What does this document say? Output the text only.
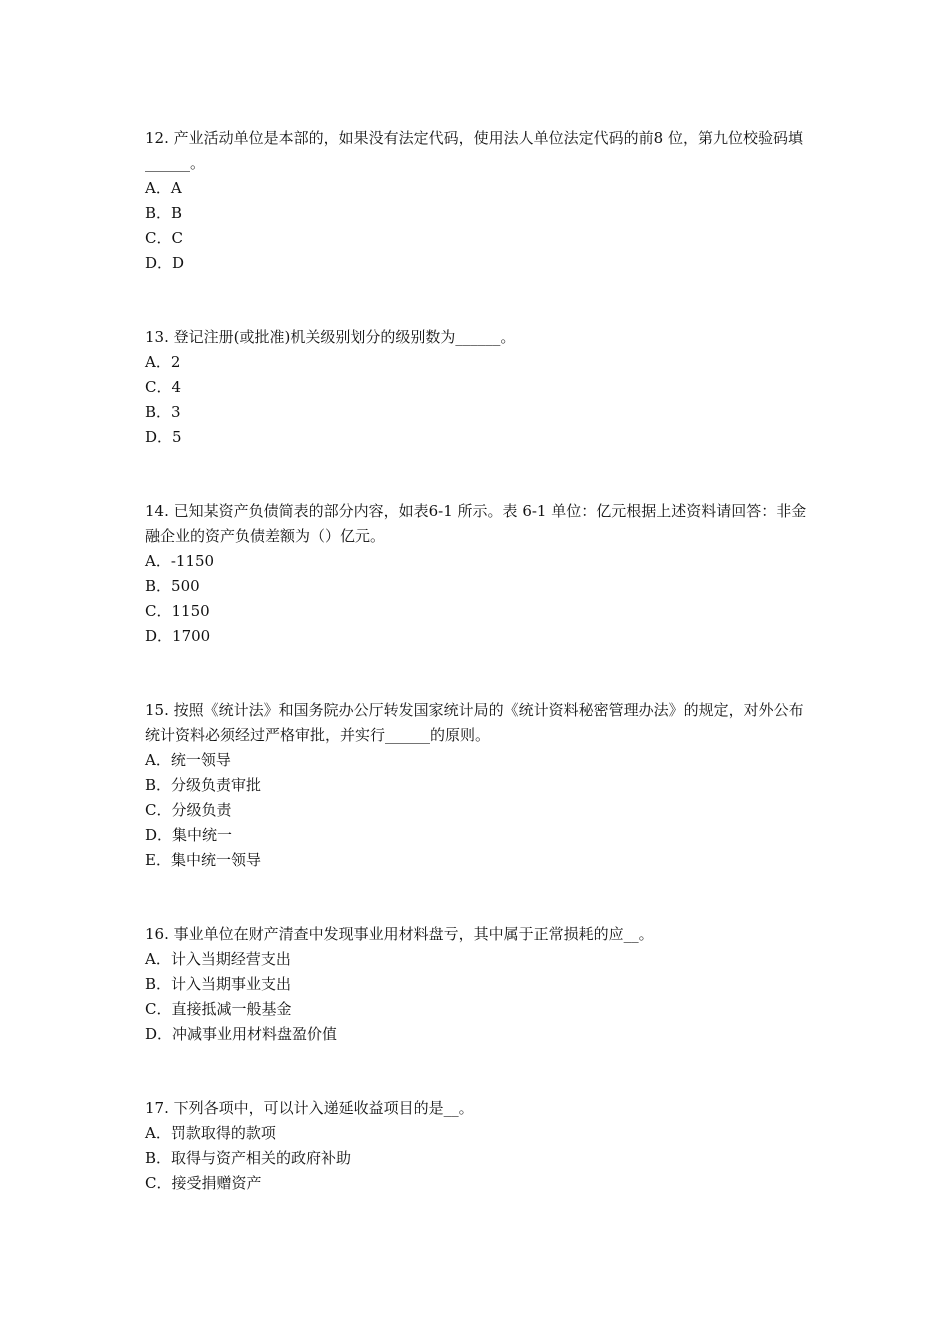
12. 产业活动单位是本部的，如果没有法定代码，使用法人单位法定代码的前8 位，第九位校验码填______。

A．A
B．B
C．C
D．D

13. 登记注册(或批准)机关级别划分的级别数为______。

A．2
C．4
B．3
D．5

14. 已知某资产负债简表的部分内容，如表6-1 所示。表 6-1 单位：亿元根据上述资料请回答：非金融企业的资产负债差额为（）亿元。

A．-1150
B．500
C．1150
D．1700

15. 按照《统计法》和国务院办公厅转发国家统计局的《统计资料秘密管理办法》的规定，对外公布统计资料必须经过严格审批，并实行______的原则。

A．统一领导
B．分级负责审批
C．分级负责
D．集中统一
E．集中统一领导

16. 事业单位在财产清查中发现事业用材料盘亏，其中属于正常损耗的应__。

A．计入当期经营支出
B．计入当期事业支出
C．直接抵减一般基金
D．冲减事业用材料盘盈价值

17. 下列各项中，可以计入递延收益项目的是__。

A．罚款取得的款项
B．取得与资产相关的政府补助
C．接受捐赠资产
